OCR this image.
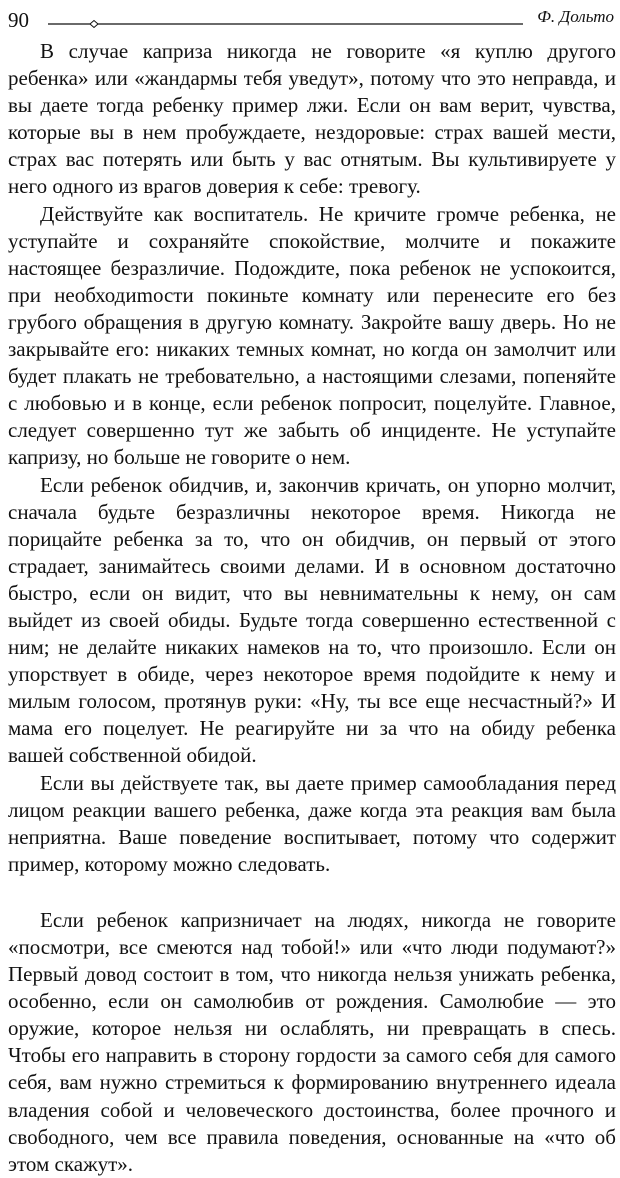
90	Ф. Дольто

В случае каприза никогда не говорите «я куплю другого ребенка» или «жандармы тебя уведут», потому что это неправда, и вы даете тогда ребенку пример лжи. Если он вам верит, чувства, которые вы в нем пробуждаете, нездоровые: страх вашей мести, страх вас потерять или быть у вас отнятым. Вы культивируете у него одного из врагов доверия к себе: тревогу.

Действуйте как воспитатель. Не кричите громче ребенка, не уступайте и сохраняйте спокойствие, молчите и покажите настоящее безразличие. Подождите, пока ребенок не успокоится, при необходиmости покиньте комнату или перенесите его без грубого обращения в другую комнату. Закройте вашу дверь. Но не закрывайте его: никаких темных комнат, но когда он замолчит или будет плакать не требовательно, а настоящими слезами, попеняйте с любовью и в конце, если ребенок попросит, поцелуйте. Главное, следует совершенно тут же забыть об инциденте. Не уступайте капризу, но больше не говорите о нем.

Если ребенок обидчив, и, закончив кричать, он упорно молчит, сначала будьте безразличны некоторое время. Никогда не порицайте ребенка за то, что он обидчив, он первый от этого страдает, занимайтесь своими делами. И в основном достаточно быстро, если он видит, что вы невнимательны к нему, он сам выйдет из своей обиды. Будьте тогда совершенно естественной с ним; не делайте никаких намеков на то, что произошло. Если он упорствует в обиде, через некоторое время подойдите к нему и милым голосом, протянув руки: «Ну, ты все еще несчастный?» И мама его поцелует. Не реагируйте ни за что на обиду ребенка вашей собственной обидой.

Если вы действуете так, вы даете пример самообладания перед лицом реакции вашего ребенка, даже когда эта реакция вам была неприятна. Ваше поведение воспитывает, потому что содержит пример, которому можно следовать.

Если ребенок капризничает на людях, никогда не говорите «посмотри, все смеются над тобой!» или «что люди подумают?» Первый довод состоит в том, что никогда нельзя унижать ребенка, особенно, если он самолюбив от рождения. Самолюбие — это оружие, которое нельзя ни ослаблять, ни превращать в спесь. Чтобы его направить в сторону гордости за самого себя для самого себя, вам нужно стремиться к формированию внутреннего идеала владения собой и человеческого достоинства, более прочного и свободного, чем все правила поведения, основанные на «что об этом скажут».
